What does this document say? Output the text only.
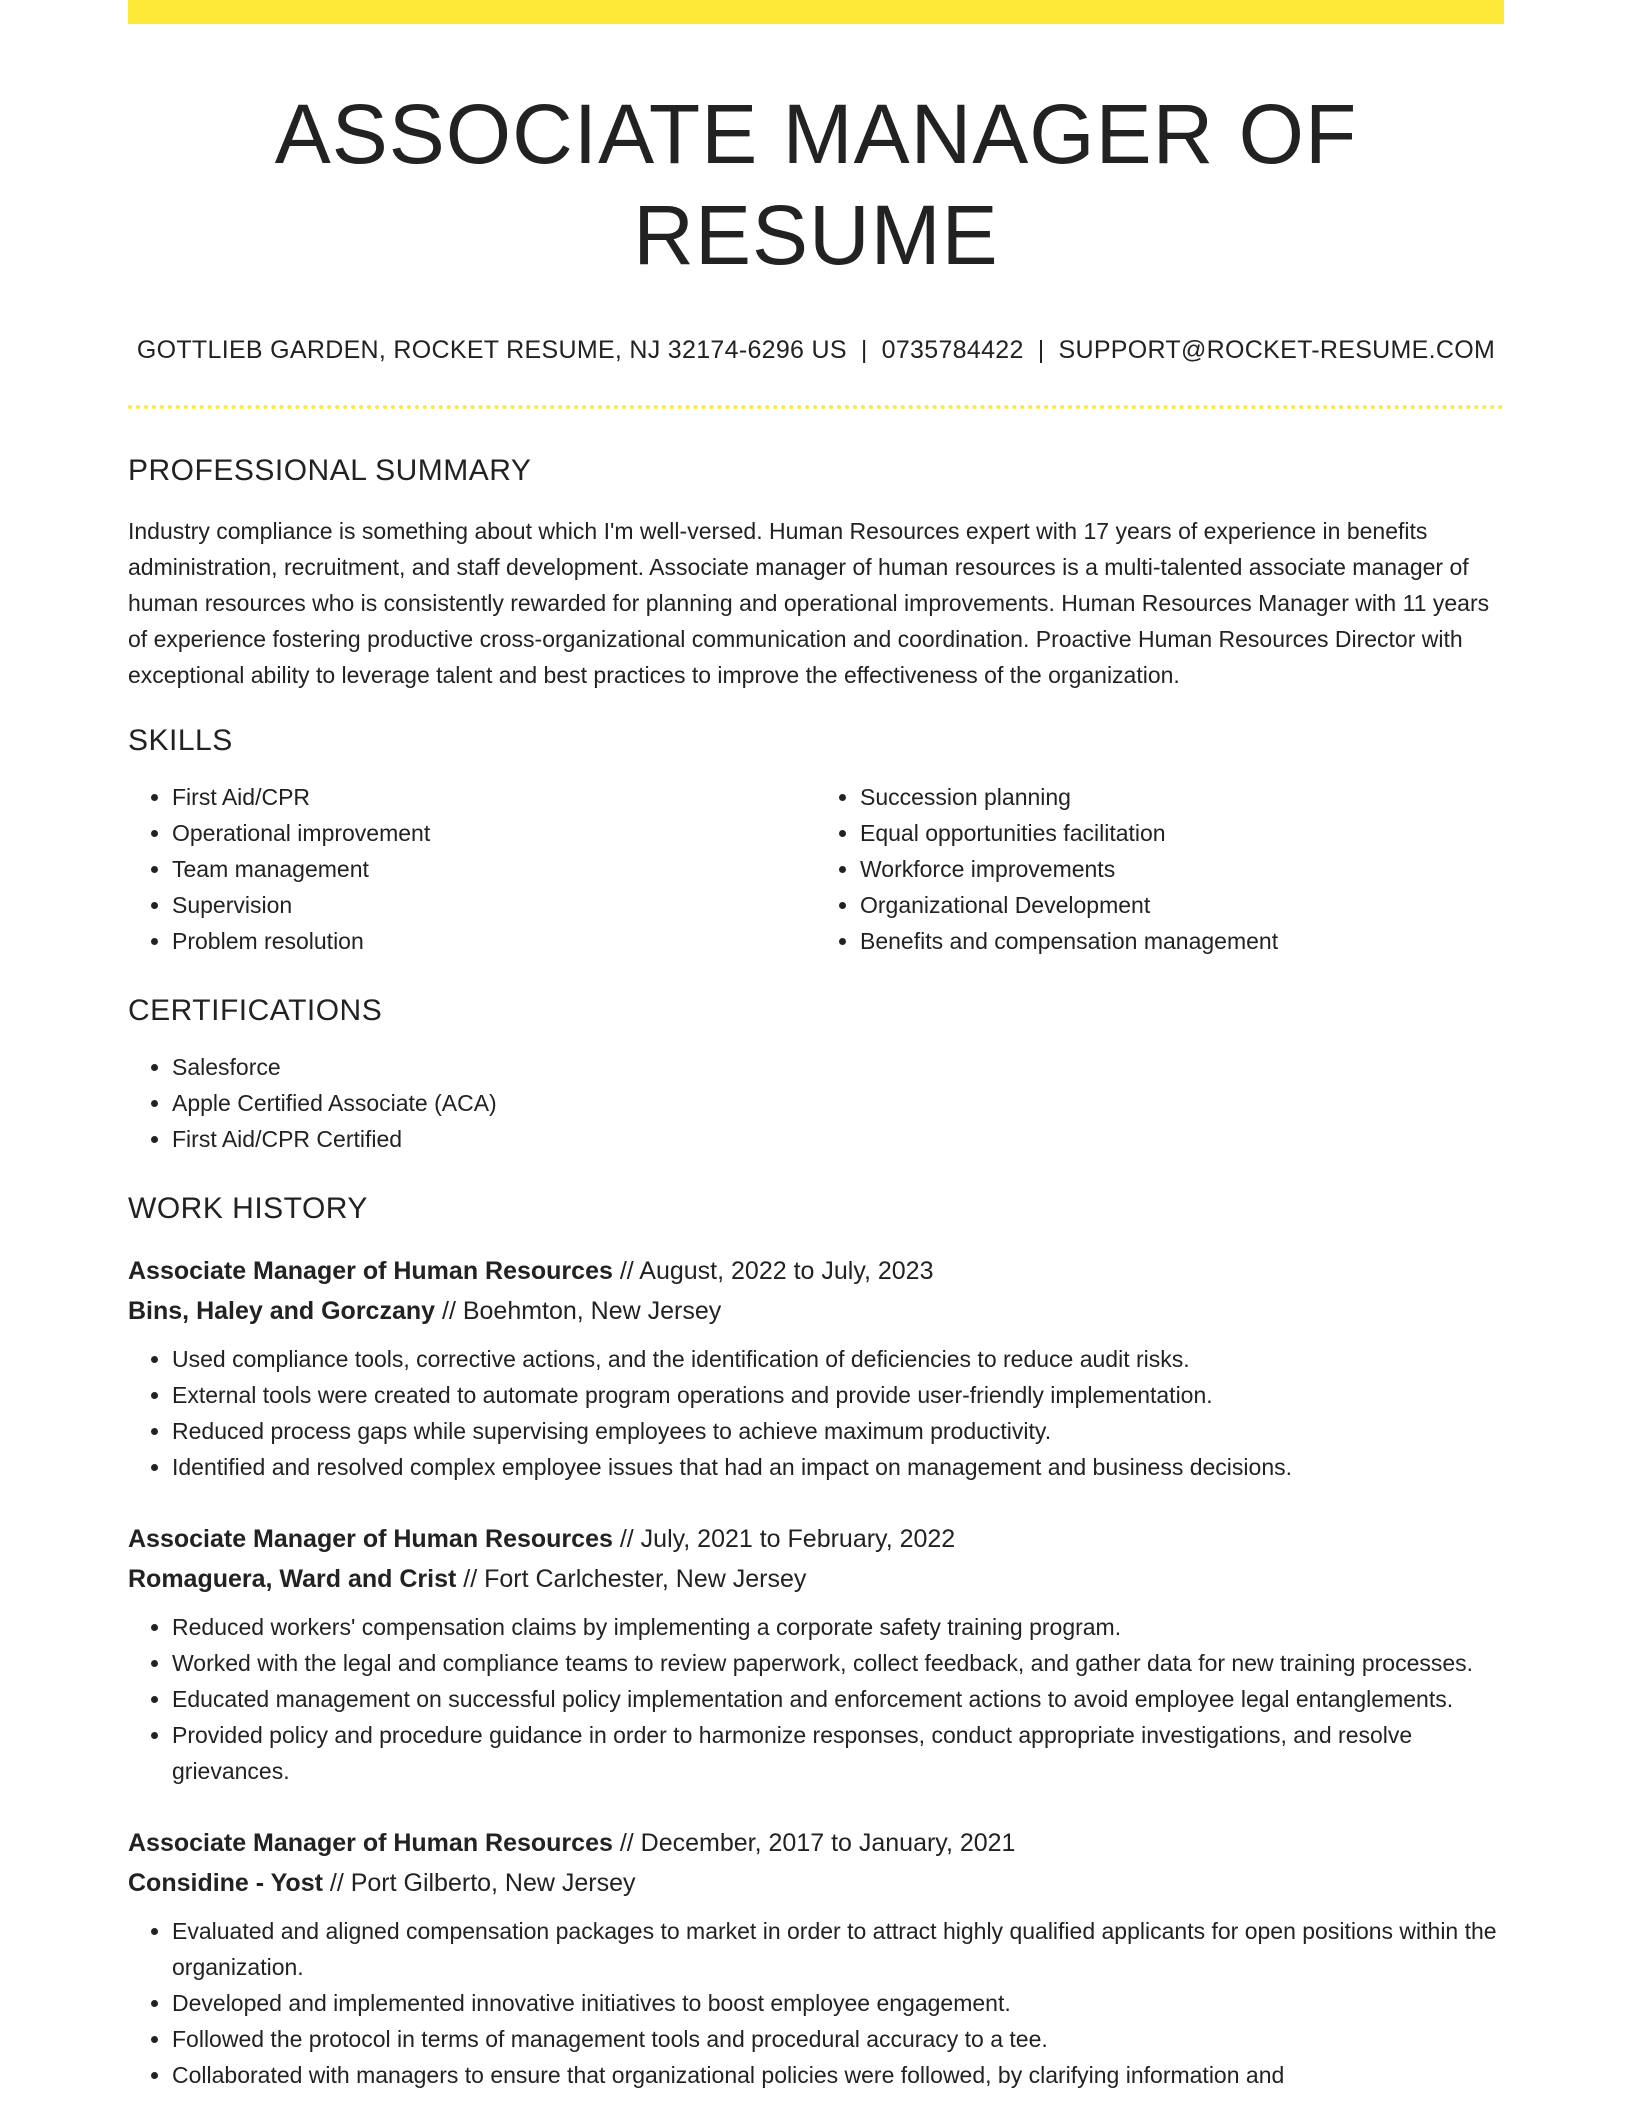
ASSOCIATE MANAGER OF RESUME
GOTTLIEB GARDEN, ROCKET RESUME, NJ 32174-6296 US | 0735784422 | SUPPORT@ROCKET-RESUME.COM
PROFESSIONAL SUMMARY

Industry compliance is something about which I'm well-versed. Human Resources expert with 17 years of experience in benefits administration, recruitment, and staff development. Associate manager of human resources is a multi-talented associate manager of human resources who is consistently rewarded for planning and operational improvements. Human Resources Manager with 11 years of experience fostering productive cross-organizational communication and coordination. Proactive Human Resources Director with exceptional ability to leverage talent and best practices to improve the effectiveness of the organization.

SKILLS
• First Aid/CPR
• Operational improvement
• Team management
• Supervision
• Problem resolution
• Succession planning
• Equal opportunities facilitation
• Workforce improvements
• Organizational Development
• Benefits and compensation management
CERTIFICATIONS
• Salesforce
• Apple Certified Associate (ACA)
• First Aid/CPR Certified
WORK HISTORY
Associate Manager of Human Resources // August, 2022 to July, 2023
Bins, Haley and Gorczany // Boehmton, New Jersey
• Used compliance tools, corrective actions, and the identification of deficiencies to reduce audit risks.
• External tools were created to automate program operations and provide user-friendly implementation.
• Reduced process gaps while supervising employees to achieve maximum productivity.
• Identified and resolved complex employee issues that had an impact on management and business decisions.
Associate Manager of Human Resources // July, 2021 to February, 2022
Romaguera, Ward and Crist // Fort Carlchester, New Jersey
• Reduced workers' compensation claims by implementing a corporate safety training program.
• Worked with the legal and compliance teams to review paperwork, collect feedback, and gather data for new training processes.
• Educated management on successful policy implementation and enforcement actions to avoid employee legal entanglements.
• Provided policy and procedure guidance in order to harmonize responses, conduct appropriate investigations, and resolve grievances.
Associate Manager of Human Resources // December, 2017 to January, 2021
Considine - Yost // Port Gilberto, New Jersey
• Evaluated and aligned compensation packages to market in order to attract highly qualified applicants for open positions within the organization.
• Developed and implemented innovative initiatives to boost employee engagement.
• Followed the protocol in terms of management tools and procedural accuracy to a tee.
• Collaborated with managers to ensure that organizational policies were followed, by clarifying information and
